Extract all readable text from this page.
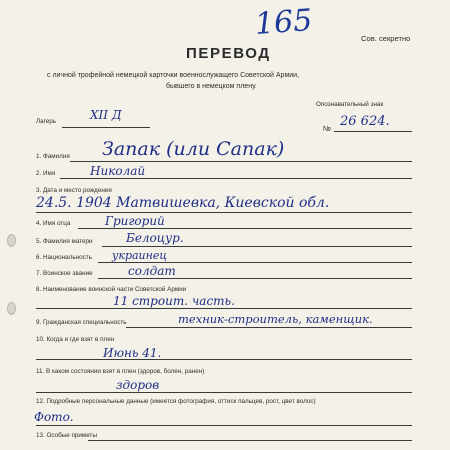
165	Сов. секретно
ПЕРЕВОД
с личной трофейной немецкой карточки военнослужащего Советской Армии,
бывшего в немецком плену.
Лагерь	XII Д
Опознавательный знак
№ 26 624.
1. Фамилия Запак (или Сапак)
2. Имя	Николай
3. Дата и место рождения
24.5. 1904 Матвишевка, Киевской обл.
4. Имя отца	Григорий
5. Фамилия матери	Белоцур.
6. Национальность украинец
7. Воинское звание	солдат
8. Наименование воинской части Советской Армии
11 строит. часть.
9. Гражданская специальность	техник-строитель, каменщик.
10. Когда и где взят в плен
Июнь 41.
11. В каком состоянии взят в плен (здоров, болен, ранен)
здоров
12. Подробные персональные данные (имеется фотография, оттиск пальцев, рост, цвет волос)
Фото.
13. Особые приметы
